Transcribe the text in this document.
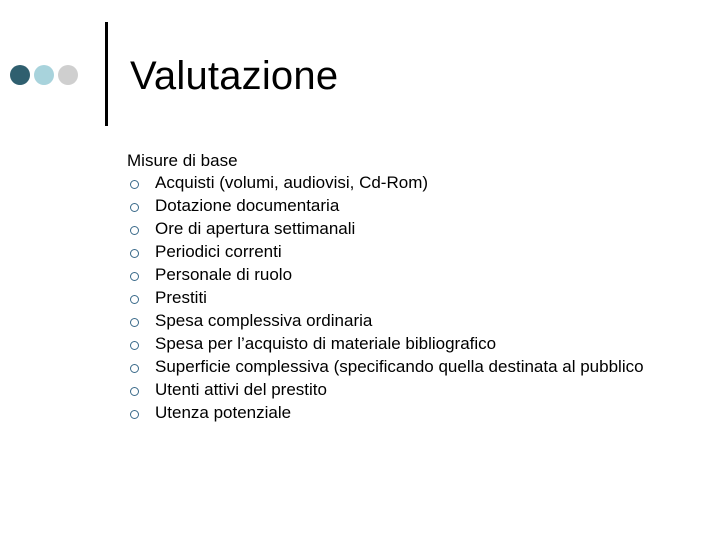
Valutazione
Misure di base
Acquisti (volumi, audiovisi, Cd-Rom)
Dotazione documentaria
Ore di apertura settimanali
Periodici correnti
Personale di ruolo
Prestiti
Spesa complessiva ordinaria
Spesa per l’acquisto di materiale bibliografico
Superficie complessiva (specificando quella destinata al pubblico
Utenti attivi del prestito
Utenza potenziale
